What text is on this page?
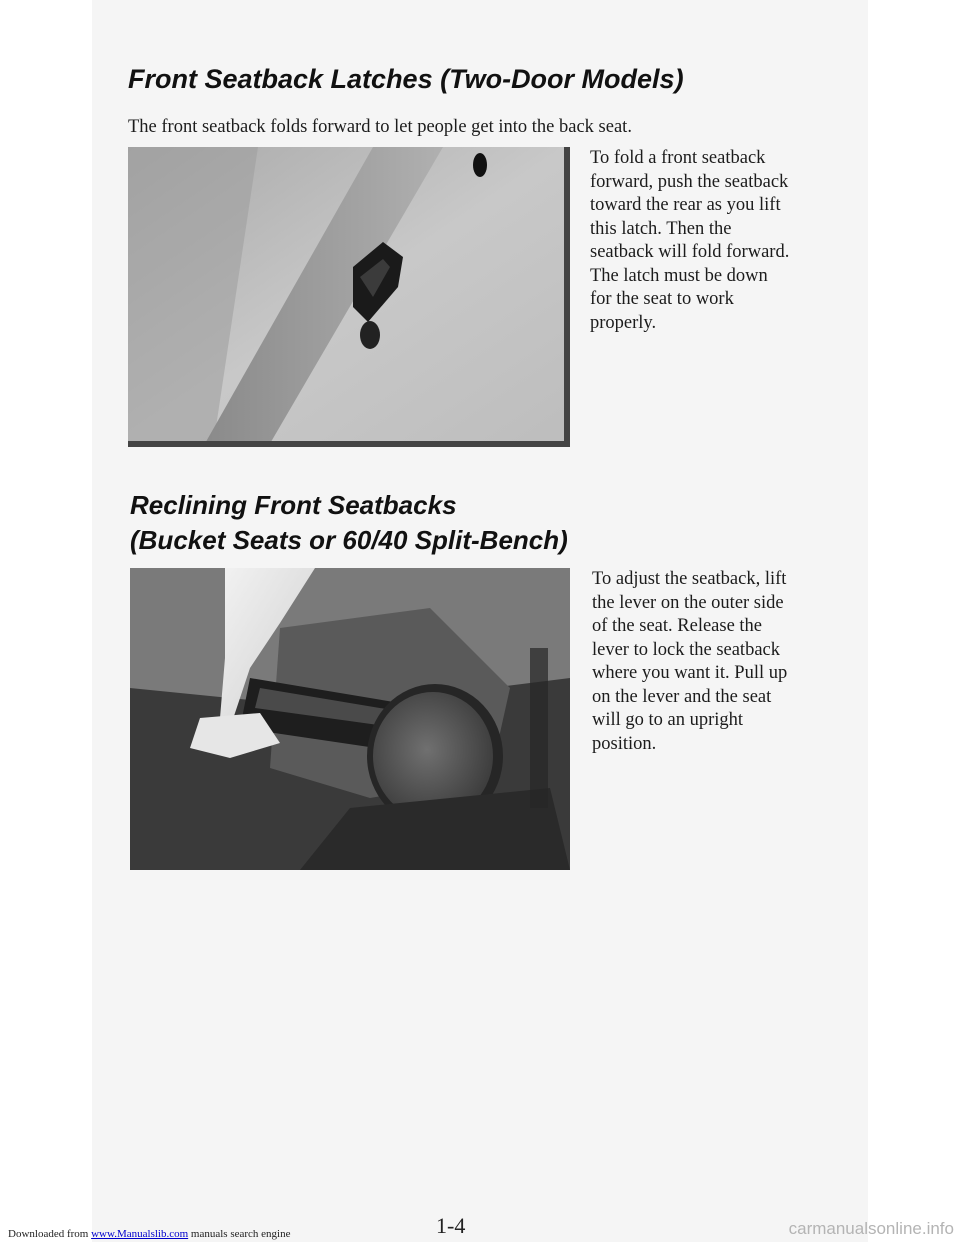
Front Seatback Latches (Two-Door Models)
The front seatback folds forward to let people get into the back seat.
To fold a front seatback forward, push the seatback toward the rear as you lift this latch. Then the seatback will fold forward. The latch must be down for the seat to work properly.
Reclining Front Seatbacks
(Bucket Seats or 60/40 Split-Bench)
To adjust the seatback, lift the lever on the outer side of the seat. Release the lever to lock the seatback where you want it. Pull up on the lever and the seat will go to an upright position.
Downloaded from www.Manualslib.com manuals search engine	1-4	carmanualsonline.info
